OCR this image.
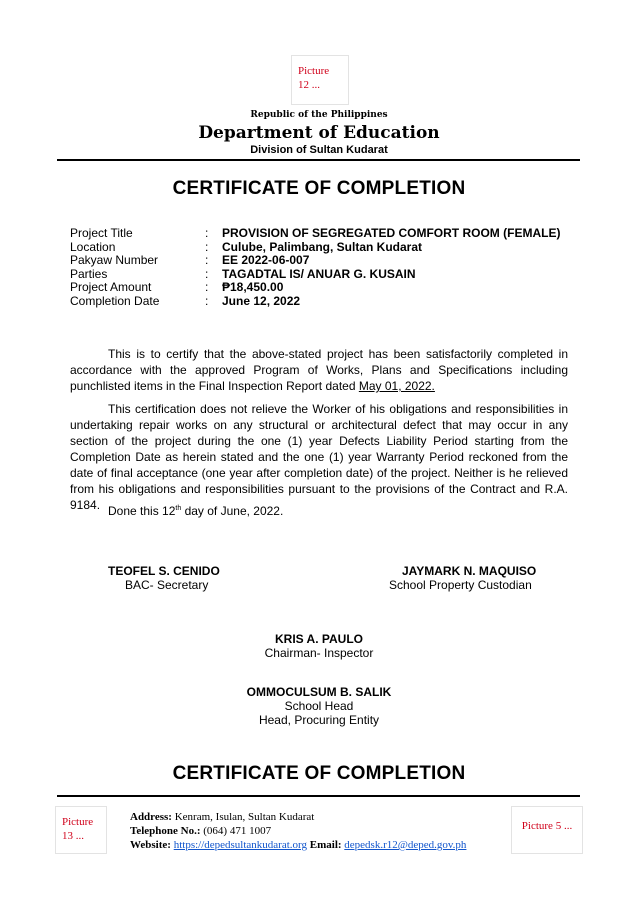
Picture
12 ...
Republic of the Philippines
Department of Education
Division of Sultan Kudarat
CERTIFICATE OF COMPLETION
Project Title	: PROVISION OF SEGREGATED COMFORT ROOM (FEMALE)
Location	: Culube, Palimbang, Sultan Kudarat
Pakyaw Number	: EE 2022-06-007
Parties	: TAGADTAL IS/ ANUAR G. KUSAIN
Project Amount	: ₱18,450.00
Completion Date	: June 12, 2022

This is to certify that the above-stated project has been satisfactorily completed in accordance with the approved Program of Works, Plans and Specifications including punchlisted items in the Final Inspection Report dated May 01, 2022.

This certification does not relieve the Worker of his obligations and responsibilities in undertaking repair works on any structural or architectural defect that may occur in any section of the project during the one (1) year Defects Liability Period starting from the Completion Date as herein stated and the one (1) year Warranty Period reckoned from the date of final acceptance (one year after completion date) of the project. Neither is he relieved from his obligations and responsibilities pursuant to the provisions of the Contract and R.A. 9184. Done this 12th day of June, 2022.
TEOFEL S. CENIDO
BAC- Secretary
JAYMARK N. MAQUISO
School Property Custodian
KRIS A. PAULO
Chairman- Inspector
OMMOCULSUM B. SALIK
School Head
Head, Procuring Entity
CERTIFICATE OF COMPLETION
Picture
13 ...
Address: Kenram, Isulan, Sultan Kudarat
Telephone No.: (064) 471 1007
Website: https://depedsultankudarat.org Email: depedsk.r12@deped.gov.ph
Picture 5 ...
